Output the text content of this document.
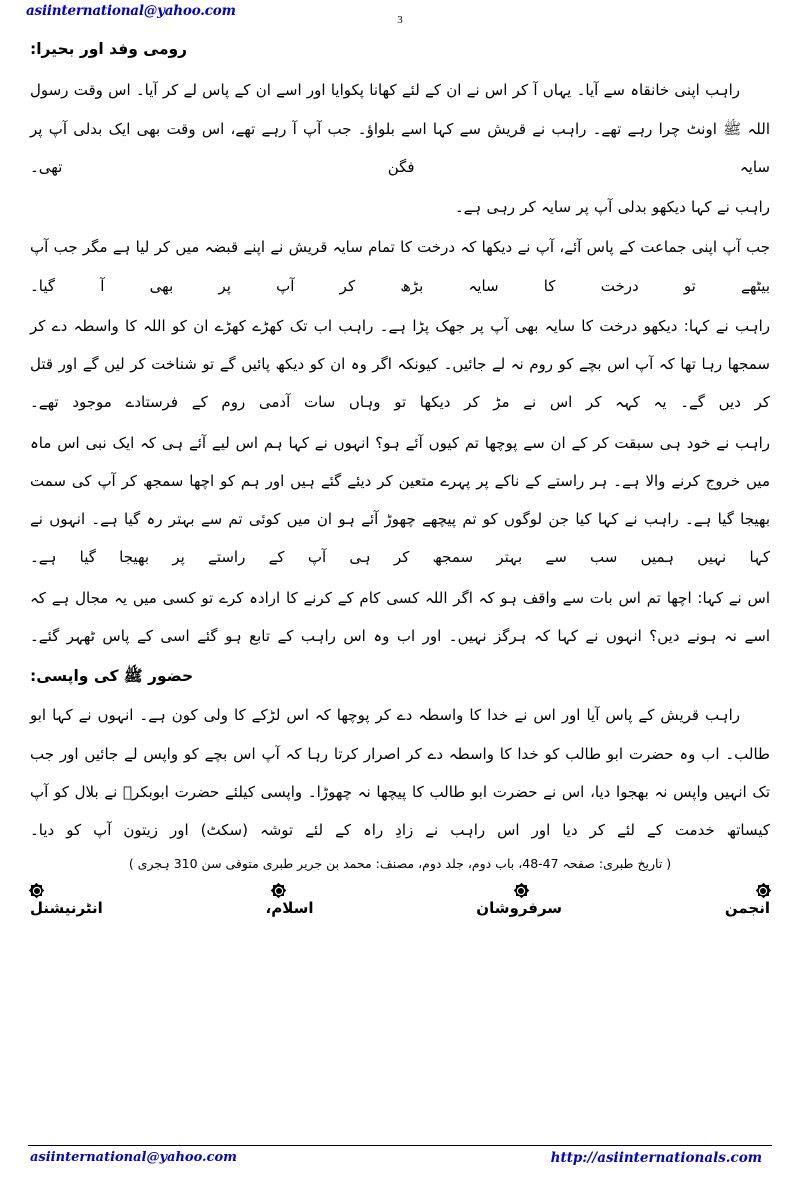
asiinternational@yahoo.com
3
رومی وفد اور بحیرا:

راہب اپنی خانقاہ سے آیا۔ یہاں آ کر اس نے ان کے لئے کھانا پکوایا اور اسے ان کے پاس لے کر آیا۔ اس وقت رسول اللہ ﷺ اونٹ چرا رہے تھے۔ راہب نے قریش سے کہا اسے بلواؤ۔ جب آپ آ رہے تھے، اس وقت بھی ایک بدلی آپ پر سایہ فگن تھی۔

راہب نے کہا دیکھو بدلی آپ پر سایہ کر رہی ہے۔

جب آپ اپنی جماعت کے پاس آئے، آپ نے دیکھا کہ درخت کا تمام سایہ قریش نے اپنے قبضہ میں کر لیا ہے مگر جب آپ بیٹھے تو درخت کا سایہ بڑھ کر آپ پر بھی آ گیا۔

راہب نے کہا: دیکھو درخت کا سایہ بھی آپ پر جھک پڑا ہے۔ راہب اب تک کھڑے کھڑے ان کو اللہ کا واسطہ دے کر سمجھا رہا تھا کہ آپ اس بچے کو روم نہ لے جائیں۔ کیونکہ اگر وہ ان کو دیکھ پائیں گے تو شناخت کر لیں گے اور قتل کر دیں گے۔ یہ کہہ کر اس نے مڑ کر دیکھا تو وہاں سات آدمی روم کے فرستادے موجود تھے۔

راہب نے خود ہی سبقت کر کے ان سے پوچھا تم کیوں آئے ہو؟ انہوں نے کہا ہم اس لیے آئے ہی کہ ایک نبی اس ماہ میں خروج کرنے والا ہے۔ ہر راستے کے ناکے پر پہرے متعین کر دیئے گئے ہیں اور ہم کو اچھا سمجھ کر آپ کی سمت بھیجا گیا ہے۔ راہب نے کہا کیا جن لوگوں کو تم پیچھے چھوڑ آئے ہو ان میں کوئی تم سے بہتر رہ گیا ہے۔ انہوں نے کہا نہیں ہمیں سب سے بہتر سمجھ کر ہی آپ کے راستے پر بھیجا گیا ہے۔

اس نے کہا: اچھا تم اس بات سے واقف ہو کہ اگر اللہ کسی کام کے کرنے کا ارادہ کرے تو کسی میں یہ مجال ہے کہ اسے نہ ہونے دیں؟ انہوں نے کہا کہ ہرگز نہیں۔ اور اب وہ اس راہب کے تابع ہو گئے اسی کے پاس ٹھہر گئے۔

حضور ﷺ کی واپسی:

راہب قریش کے پاس آیا اور اس نے خدا کا واسطہ دے کر پوچھا کہ اس لڑکے کا ولی کون ہے۔ انہوں نے کہا ابو طالب۔ اب وہ حضرت ابو طالب کو خدا کا واسطہ دے کر اصرار کرتا رہا کہ آپ اس بچے کو واپس لے جائیں اور جب تک انہیں واپس نہ بھجوا دیا، اس نے حضرت ابو طالب کا پیچھا نہ چھوڑا۔ واپسی کیلئے حضرت ابوبکرؓ نے بلال کو آپ کیساتھ خدمت کے لئے کر دیا اور اس راہب نے زادِ راہ کے لئے توشہ (سکٹ) اور زیتون آپ کو دیا۔

( تاریخ طبری: صفحہ 47-48، باب دوم، جلد دوم، مصنف: محمد بن جریر طبری متوفی سن 310 ہجری )

انجمن سرفروشان اسلام، انٹرنیشنل
asiinternational@yahoo.com	http://asiinternationals.com
